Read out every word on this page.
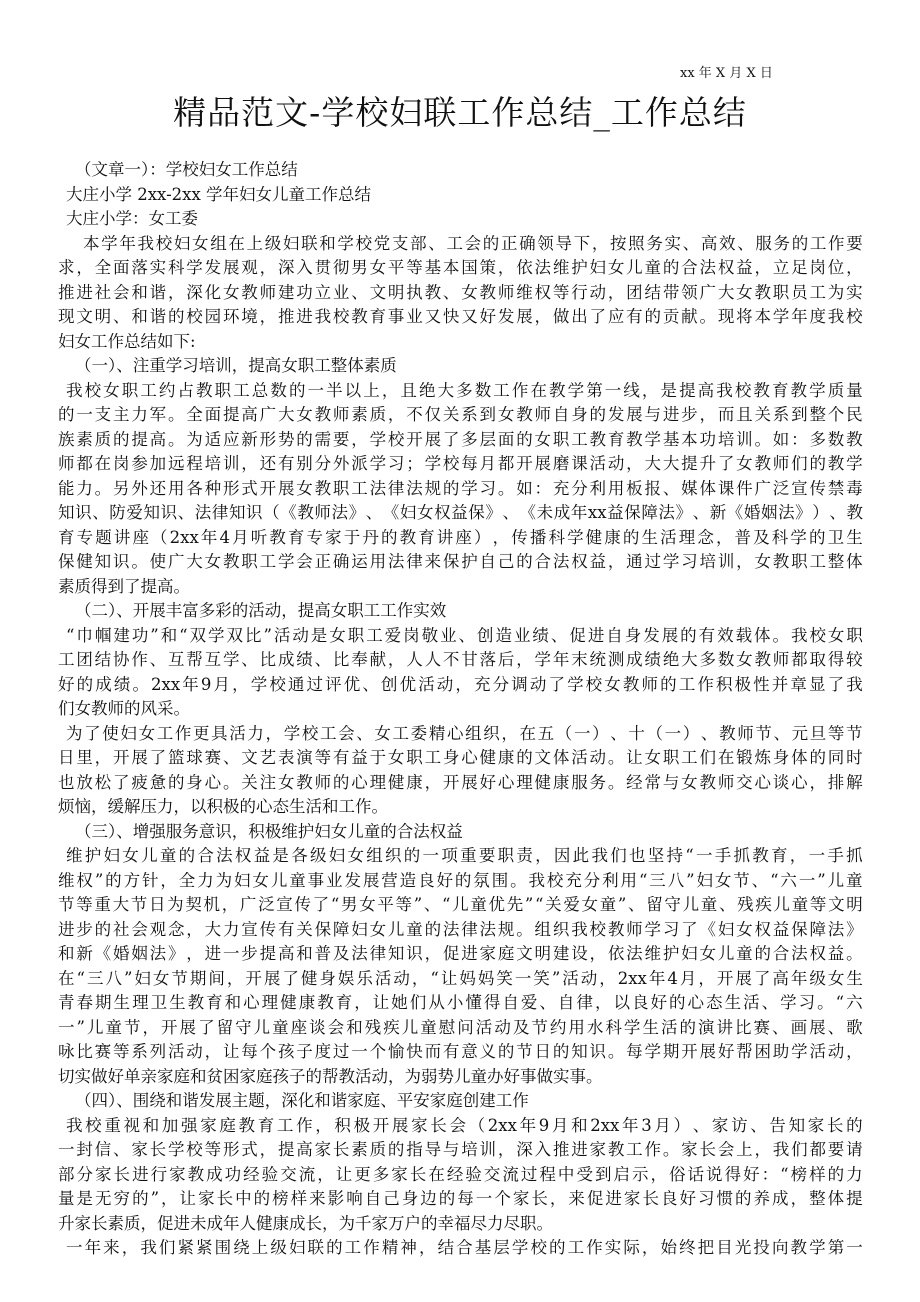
xx 年 X 月 X 日
精品范文-学校妇联工作总结_工作总结
（文章一）：学校妇女工作总结
大庄小学 2xx-2xx 学年妇女儿童工作总结
大庄小学：女工委
本 学 年 我 校 妇 女 组 在 上 级 妇 联 和 学 校 党 支 部 、 工 会 的 正 确 领 导 下 ， 按 照 务 实 、 高 效 、 服 务 的 工 作 要
求 ， 全 面 落 实 科 学 发 展 观 ， 深 入 贯 彻 男 女 平 等 基 本 国 策 ， 依 法 维 护 妇 女 儿 童 的 合 法 权 益 ， 立 足 岗 位 ，
推 进 社 会 和 谐 ， 深 化 女 教 师 建 功 立 业 、 文 明 执 教 、 女 教 师 维 权 等 行 动 ， 团 结 带 领 广 大 女 教 职 员 工 为 实
现 文 明 、 和 谐 的 校 园 环 境 ， 推 进 我 校 教 育 事 业 又 快 又 好 发 展 ， 做 出 了 应 有 的 贡 献 。 现 将 本 学 年 度 我 校
妇女工作总结如下:
（一）、注重学习培训，提高女职工整体素质
我 校 女 职 工 约 占 教 职 工 总 数 的 一 半 以 上 ， 且 绝 大 多 数 工 作 在 教 学 第 一 线 ， 是 提 高 我 校 教 育 教 学 质 量
的 一 支 主 力 军 。 全 面 提 高 广 大 女 教 师 素 质 ， 不 仅 关 系 到 女 教 师 自 身 的 发 展 与 进 步 ， 而 且 关 系 到 整 个 民
族 素 质 的 提 高 。 为 适 应 新 形 势 的 需 要 ， 学 校 开 展 了 多 层 面 的 女 职 工 教 育 教 学 基 本 功 培 训 。 如 ： 多 数 教
师 都 在 岗 参 加 远 程 培 训 ， 还 有 别 分 外 派 学 习 ； 学 校 每 月 都 开 展 磨 课 活 动 ， 大 大 提 升 了 女 教 师 们 的 教 学
能 力 。 另 外 还 用 各 种 形 式 开 展 女 教 职 工 法 律 法 规 的 学 习 。 如 ： 充 分 利 用 板 报 、 媒 体 课 件 广 泛 宣 传 禁 毒
知 识 、 防 爱 知 识 、 法 律 知 识 （ 《 教 师 法 》 、 《 妇 女 权 益 保 》 、 《 未 成 年 xx 益 保 障 法 》 、 新 《 婚 姻 法 》 ） 、 教
育 专 题 讲 座 （ 2xx 年 4 月 听 教 育 专 家 于 丹 的 教 育 讲 座 ） ， 传 播 科 学 健 康 的 生 活 理 念 ， 普 及 科 学 的 卫 生
保 健 知 识 。 使 广 大 女 教 职 工 学 会 正 确 运 用 法 律 来 保 护 自 己 的 合 法 权 益 ， 通 过 学 习 培 训 ， 女 教 职 工 整 体
素质得到了提高。
（二）、开展丰富多彩的活动，提高女职工工作实效
“ 巾 帼 建 功 ” 和 “ 双 学 双 比 ” 活 动 是 女 职 工 爱 岗 敬 业 、 创 造 业 绩 、 促 进 自 身 发 展 的 有 效 载 体 。 我 校 女 职
工 团 结 协 作 、 互 帮 互 学 、 比 成 绩 、 比 奉 献 ， 人 人 不 甘 落 后 ， 学 年 末 统 测 成 绩 绝 大 多 数 女 教 师 都 取 得 较
好 的 成 绩 。 2xx 年 9 月 ， 学 校 通 过 评 优 、 创 优 活 动 ， 充 分 调 动 了 学 校 女 教 师 的 工 作 积 极 性 并 章 显 了 我
们女教师的风采。
为 了 使 妇 女 工 作 更 具 活 力 ， 学 校 工 会 、 女 工 委 精 心 组 织 ， 在 五 （ 一 ） 、 十 （ 一 ） 、 教 师 节 、 元 旦 等 节
日 里 ， 开 展 了 篮 球 赛 、 文 艺 表 演 等 有 益 于 女 职 工 身 心 健 康 的 文 体 活 动 。 让 女 职 工 们 在 锻 炼 身 体 的 同 时
也 放 松 了 疲 惫 的 身 心 。 关 注 女 教 师 的 心 理 健 康 ， 开 展 好 心 理 健 康 服 务 。 经 常 与 女 教 师 交 心 谈 心 ， 排 解
烦恼，缓解压力，以积极的心态生活和工作。
（三）、增强服务意识，积极维护妇女儿童的合法权益
维 护 妇 女 儿 童 的 合 法 权 益 是 各 级 妇 女 组 织 的 一 项 重 要 职 责 ， 因 此 我 们 也 坚 持 “ 一 手 抓 教 育 ， 一 手 抓
维 权 ” 的 方 针 ， 全 力 为 妇 女 儿 童 事 业 发 展 营 造 良 好 的 氛 围 。 我 校 充 分 利 用 “ 三 八 ” 妇 女 节 、 “ 六 一 ” 儿 童
节 等 重 大 节 日 为 契 机 ， 广 泛 宣 传 了 “ 男 女 平 等 ” 、 “ 儿 童 优 先 ” “ 关 爱 女 童 ” 、 留 守 儿 童 、 残 疾 儿 童 等 文 明
进 步 的 社 会 观 念 ， 大 力 宣 传 有 关 保 障 妇 女 儿 童 的 法 律 法 规 。 组 织 我 校 教 师 学 习 了 《 妇 女 权 益 保 障 法 》
和 新 《 婚 姻 法 》 ， 进 一 步 提 高 和 普 及 法 律 知 识 ， 促 进 家 庭 文 明 建 设 ， 依 法 维 护 妇 女 儿 童 的 合 法 权 益 。
在 “ 三 八 ” 妇 女 节 期 间 ， 开 展 了 健 身 娱 乐 活 动 ， “ 让 妈 妈 笑 一 笑 ” 活 动 ， 2xx 年 4 月 ， 开 展 了 高 年 级 女 生
青 春 期 生 理 卫 生 教 育 和 心 理 健 康 教 育 ， 让 她 们 从 小 懂 得 自 爱 、 自 律 ， 以 良 好 的 心 态 生 活 、 学 习 。 “ 六
一 ” 儿 童 节 ， 开 展 了 留 守 儿 童 座 谈 会 和 残 疾 儿 童 慰 问 活 动 及 节 约 用 水 科 学 生 活 的 演 讲 比 赛 、 画 展 、 歌
咏 比 赛 等 系 列 活 动 ， 让 每 个 孩 子 度 过 一 个 愉 快 而 有 意 义 的 节 日 的 知 识 。 每 学 期 开 展 好 帮 困 助 学 活 动 ，
切实做好单亲家庭和贫困家庭孩子的帮教活动，为弱势儿童办好事做实事。
（四）、围绕和谐发展主题，深化和谐家庭、平安家庭创建工作
我 校 重 视 和 加 强 家 庭 教 育 工 作 ， 积 极 开 展 家 长 会 （ 2xx 年 9 月 和 2xx 年 3 月 ） 、 家 访 、 告 知 家 长 的
一 封 信 、 家 长 学 校 等 形 式 ， 提 高 家 长 素 质 的 指 导 与 培 训 ， 深 入 推 进 家 教 工 作 。 家 长 会 上 ， 我 们 都 要 请
部 分 家 长 进 行 家 教 成 功 经 验 交 流 ， 让 更 多 家 长 在 经 验 交 流 过 程 中 受 到 启 示 ， 俗 话 说 得 好 ： “ 榜 样 的 力
量 是 无 穷 的 ” ， 让 家 长 中 的 榜 样 来 影 响 自 己 身 边 的 每 一 个 家 长 ， 来 促 进 家 长 良 好 习 惯 的 养 成 ， 整 体 提
升家长素质，促进未成年人健康成长，为千家万户的幸福尽力尽职。
一 年 来 ， 我 们 紧 紧 围 绕 上 级 妇 联 的 工 作 精 神 ， 结 合 基 层 学 校 的 工 作 实 际 ， 始 终 把 目 光 投 向 教 学 第 一
